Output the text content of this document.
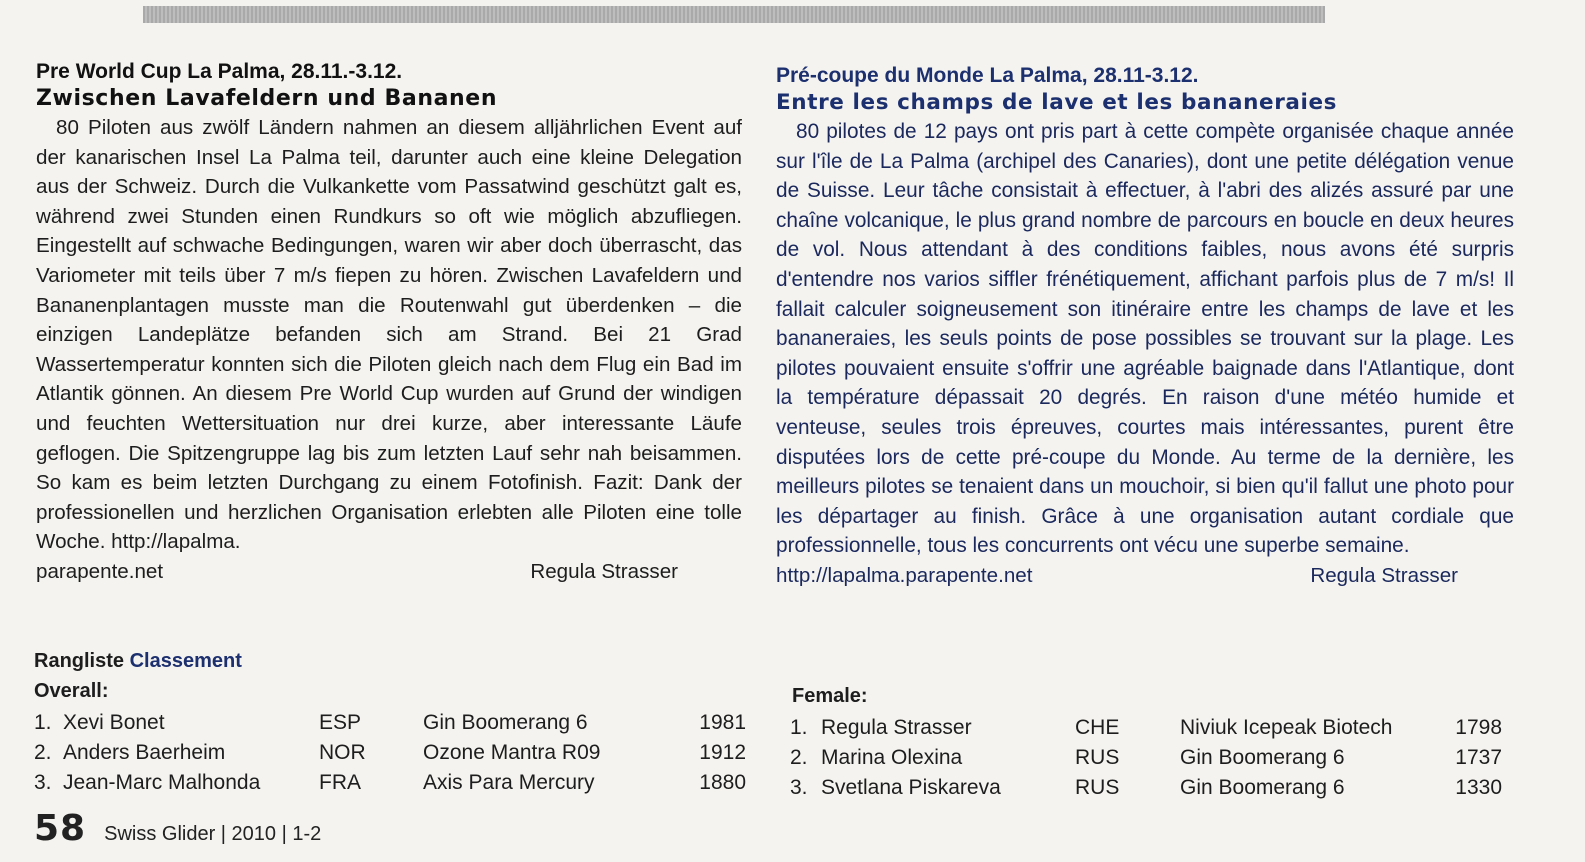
Pre World Cup La Palma, 28.11.-3.12.
Zwischen Lavafeldern und Bananen

80 Piloten aus zwölf Ländern nahmen an diesem alljährlichen Event auf der kanarischen Insel La Palma teil, darunter auch eine kleine Delegation aus der Schweiz. Durch die Vulkankette vom Passatwind geschützt galt es, während zwei Stunden einen Rundkurs so oft wie möglich abzufliegen. Eingestellt auf schwache Bedingungen, waren wir aber doch überrascht, das Variometer mit teils über 7 m/s fiepen zu hören. Zwischen Lavafeldern und Bananenplantagen musste man die Routenwahl gut überdenken – die einzigen Landeplätze befanden sich am Strand. Bei 21 Grad Wassertemperatur konnten sich die Piloten gleich nach dem Flug ein Bad im Atlantik gönnen. An diesem Pre World Cup wurden auf Grund der windigen und feuchten Wettersituation nur drei kurze, aber interessante Läufe geflogen. Die Spitzengruppe lag bis zum letzten Lauf sehr nah beisammen. So kam es beim letzten Durchgang zu einem Fotofinish. Fazit: Dank der professionellen und herzlichen Organisation erlebten alle Piloten eine tolle Woche. http://lapalma.

parapente.net	Regula Strasser
Pré-coupe du Monde La Palma, 28.11-3.12.
Entre les champs de lave et les bananeraies

80 pilotes de 12 pays ont pris part à cette compète organisée chaque année sur l'île de La Palma (archipel des Canaries), dont une petite délégation venue de Suisse. Leur tâche consistait à effectuer, à l'abri des alizés assuré par une chaîne volcanique, le plus grand nombre de parcours en boucle en deux heures de vol. Nous attendant à des conditions faibles, nous avons été surpris d'entendre nos varios siffler frénétiquement, affichant parfois plus de 7 m/s! Il fallait calculer soigneusement son itinéraire entre les champs de lave et les bananeraies, les seuls points de pose possibles se trouvant sur la plage. Les pilotes pouvaient ensuite s'offrir une agréable baignade dans l'Atlantique, dont la température dépassait 20 degrés. En raison d'une météo humide et venteuse, seules trois épreuves, courtes mais intéressantes, purent être disputées lors de cette pré-coupe du Monde. Au terme de la dernière, les meilleurs pilotes se tenaient dans un mouchoir, si bien qu'il fallut une photo pour les départager au finish. Grâce à une organisation autant cordiale que professionnelle, tous les concurrents ont vécu une superbe semaine.

http://lapalma.parapente.net	Regula Strasser
Rangliste Classement
Overall:	Female:
1. Xevi Bonet	ESP	Gin Boomerang 6	1981
2. Anders Baerheim	NOR	Ozone Mantra R09	1912
3. Jean-Marc Malhonda	FRA	Axis Para Mercury	1880
1. Regula Strasser	CHE	Niviuk Icepeak Biotech	1798
2. Marina Olexina	RUS	Gin Boomerang 6	1737
3. Svetlana Piskareva	RUS	Gin Boomerang 6	1330
58 Swiss Glider | 2010 | 1-2
